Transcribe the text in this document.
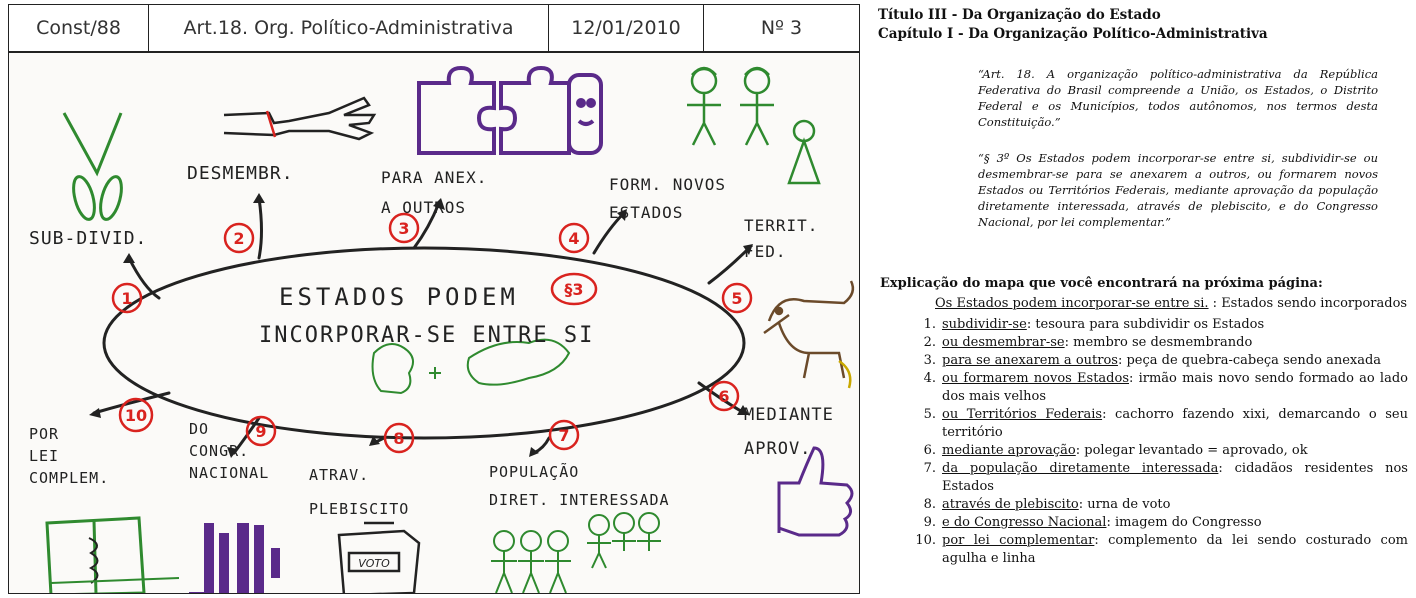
Const/88	Art.18. Org. Político-Administrativa	12/01/2010	Nº 3
1
2
3
4
5
6
7
8
9
10
§3
VOTO
SUB-DIVID.
DESMEMBR.	PARA ANEX.
A OUTROS
FORM. NOVOS
ESTADOS
TERRIT.
FED.
MEDIANTE
APROV.
POPULAÇÃO
DIRET. INTERESSADA
ATRAV.
PLEBISCITO
DO
CONGR.
NACIONAL
POR
LEI
COMPLEM.
ESTADOS PODEM
INCORPORAR-SE ENTRE SI
Título III - Da Organização do Estado
Capítulo I - Da Organização Político-Administrativa
“Art. 18. A organização político-administrativa da República Federativa do Brasil compreende a União, os Estados, o Distrito Federal e os Municípios, todos autônomos, nos termos desta Constituição.”
“§ 3º Os Estados podem incorporar-se entre si, subdividir-se ou desmembrar-se para se anexarem a outros, ou formarem novos Estados ou Territórios Federais, mediante aprovação da população diretamente interessada, através de plebiscito, e do Congresso Nacional, por lei complementar.”
Explicação do mapa que você encontrará na próxima página:
Os Estados podem incorporar-se entre si. : Estados sendo incorporados
1. subdividir-se: tesoura para subdividir os Estados
2. ou desmembrar-se: membro se desmembrando
3. para se anexarem a outros: peça de quebra-cabeça sendo anexada
4. ou formarem novos Estados: irmão mais novo sendo formado ao lado dos mais velhos
5. ou Territórios Federais: cachorro fazendo xixi, demarcando o seu território
6. mediante aprovação: polegar levantado = aprovado, ok
7. da população diretamente interessada: cidadãos residentes nos Estados
8. através de plebiscito: urna de voto
9. e do Congresso Nacional: imagem do Congresso
10. por lei complementar: complemento da lei sendo costurado com agulha e linha
